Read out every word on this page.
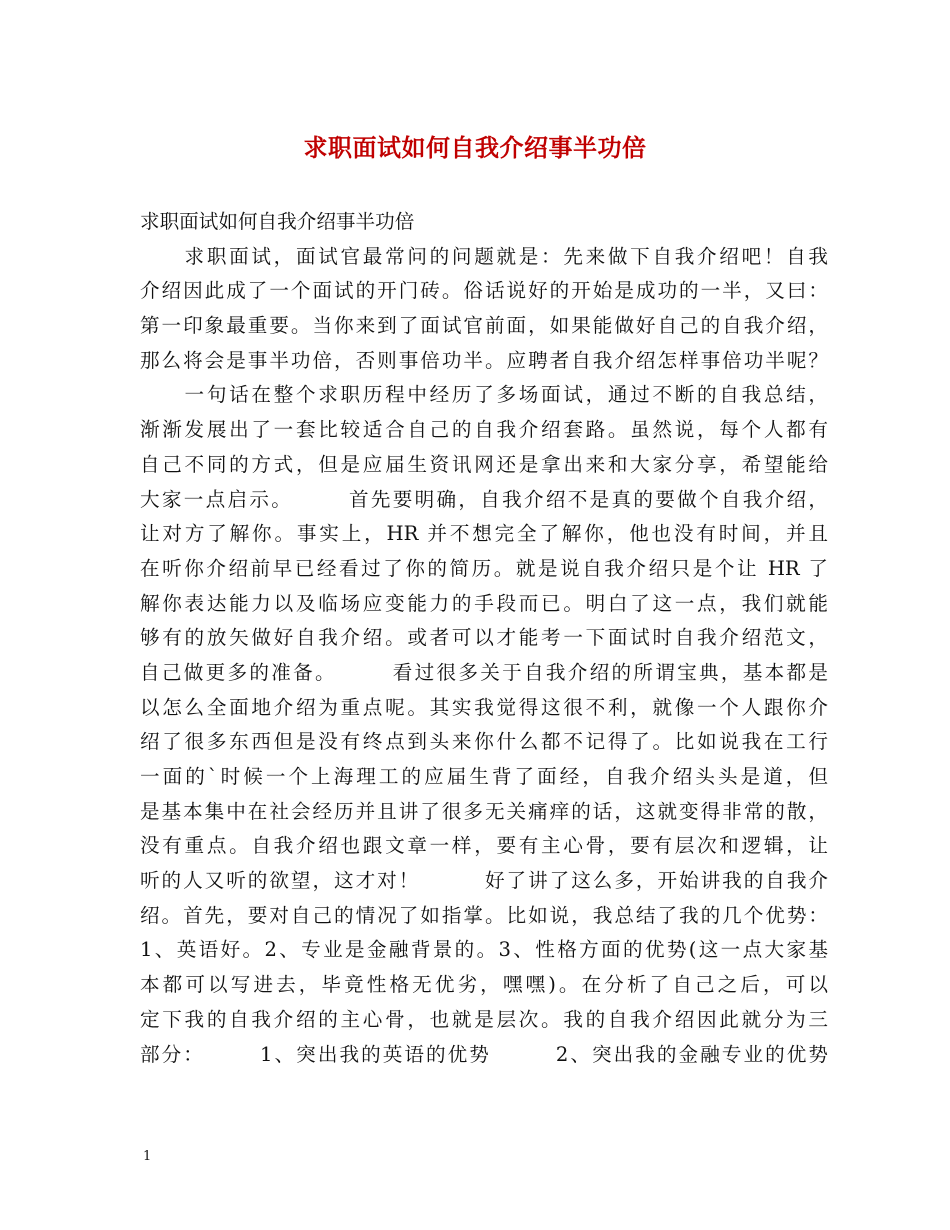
求职面试如何自我介绍事半功倍
求职面试如何自我介绍事半功倍
　　求职面试，面试官最常问的问题就是：先来做下自我介绍吧！自我
介绍因此成了一个面试的开门砖。俗话说好的开始是成功的一半，又曰：
第一印象最重要。当你来到了面试官前面，如果能做好自己的自我介绍，
那么将会是事半功倍，否则事倍功半。应聘者自我介绍怎样事倍功半呢？
　　一句话在整个求职历程中经历了多场面试，通过不断的自我总结，
渐渐发展出了一套比较适合自己的自我介绍套路。虽然说，每个人都有
自己不同的方式，但是应届生资讯网还是拿出来和大家分享，希望能给
大家一点启示。　　　首先要明确，自我介绍不是真的要做个自我介绍，
让对方了解你。事实上，HR 并不想完全了解你，他也没有时间，并且
在听你介绍前早已经看过了你的简历。就是说自我介绍只是个让 HR 了
解你表达能力以及临场应变能力的手段而已。明白了这一点，我们就能
够有的放矢做好自我介绍。或者可以才能考一下面试时自我介绍范文，
自己做更多的准备。　　　看过很多关于自我介绍的所谓宝典，基本都是
以怎么全面地介绍为重点呢。其实我觉得这很不利，就像一个人跟你介
绍了很多东西但是没有终点到头来你什么都不记得了。比如说我在工行
一面的`时候一个上海理工的应届生背了面经，自我介绍头头是道，但
是基本集中在社会经历并且讲了很多无关痛痒的话，这就变得非常的散，
没有重点。自我介绍也跟文章一样，要有主心骨，要有层次和逻辑，让
听的人又听的欲望，这才对！　　　好了讲了这么多，开始讲我的自我介
绍。首先，要对自己的情况了如指掌。比如说，我总结了我的几个优势：
1、英语好。2、专业是金融背景的。3、性格方面的优势(这一点大家基
本都可以写进去，毕竟性格无优劣，嘿嘿)。在分析了自己之后，可以
定下我的自我介绍的主心骨，也就是层次。我的自我介绍因此就分为三
部分：　　　1、突出我的英语的优势　　　2、突出我的金融专业的优势
1
